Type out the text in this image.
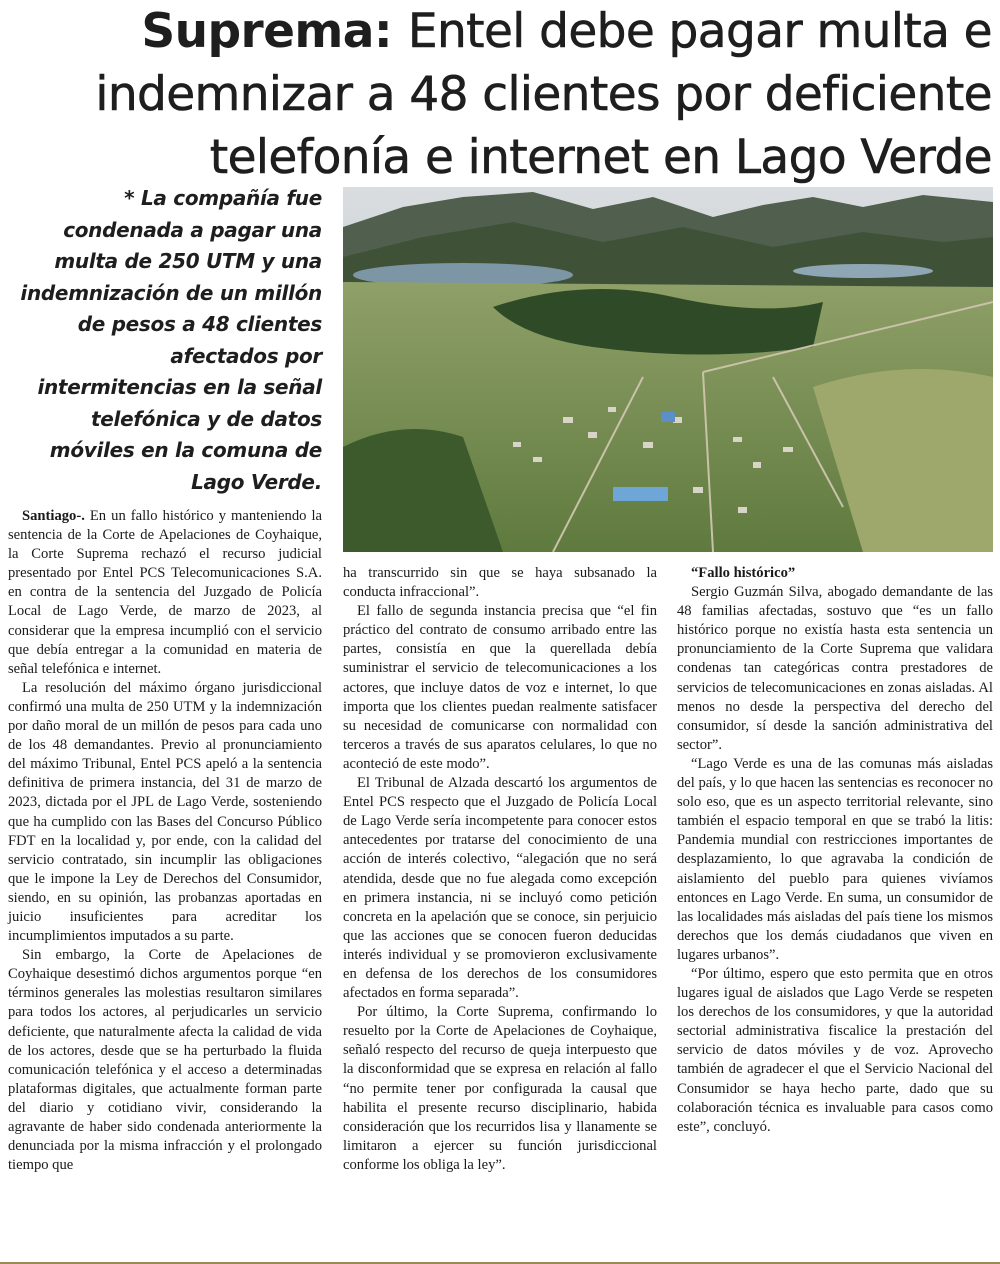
Suprema: Entel debe pagar multa e indemnizar a 48 clientes por deficiente telefonía e internet en Lago Verde
* La compañía fue condenada a pagar una multa de 250 UTM y una indemnización de un millón de pesos a 48 clientes afectados por intermitencias en la señal telefónica y de datos móviles en la comuna de Lago Verde.

Santiago-. En un fallo histórico y manteniendo la sentencia de la Corte de Apelaciones de Coyhaique, la Corte Suprema rechazó el recurso judicial presentado por Entel PCS Telecomunicaciones S.A. en contra de la sentencia del Juzgado de Policía Local de Lago Verde, de marzo de 2023, al considerar que la empresa incumplió con el servicio que debía entregar a la comunidad en materia de señal telefónica e internet.

La resolución del máximo órgano jurisdiccional confirmó una multa de 250 UTM y la indemnización por daño moral de un millón de pesos para cada uno de los 48 demandantes. Previo al pronunciamiento del máximo Tribunal, Entel PCS apeló a la sentencia definitiva de primera instancia, del 31 de marzo de 2023, dictada por el JPL de Lago Verde, sosteniendo que ha cumplido con las Bases del Concurso Público FDT en la localidad y, por ende, con la calidad del servicio contratado, sin incumplir las obligaciones que le impone la Ley de Derechos del Consumidor, siendo, en su opinión, las probanzas aportadas en juicio insuficientes para acreditar los incumplimientos imputados a su parte.

Sin embargo, la Corte de Apelaciones de Coyhaique desestimó dichos argumentos porque “en términos generales las molestias resultaron similares para todos los actores, al perjudicarles un servicio deficiente, que naturalmente afecta la calidad de vida de los actores, desde que se ha perturbado la fluida comunicación telefónica y el acceso a determinadas plataformas digitales, que actualmente forman parte del diario y cotidiano vivir, considerando la agravante de haber sido condenada anteriormente la denunciada por la misma infracción y el prolongado tiempo que

ha transcurrido sin que se haya subsanado la conducta infraccional”.

El fallo de segunda instancia precisa que “el fin práctico del contrato de consumo arribado entre las partes, consistía en que la querellada debía suministrar el servicio de telecomunicaciones a los actores, que incluye datos de voz e internet, lo que importa que los clientes puedan realmente satisfacer su necesidad de comunicarse con normalidad con terceros a través de sus aparatos celulares, lo que no aconteció de este modo”.

El Tribunal de Alzada descartó los argumentos de Entel PCS respecto que el Juzgado de Policía Local de Lago Verde sería incompetente para conocer estos antecedentes por tratarse del conocimiento de una acción de interés colectivo, “alegación que no será atendida, desde que no fue alegada como excepción en primera instancia, ni se incluyó como petición concreta en la apelación que se conoce, sin perjuicio que las acciones que se conocen fueron deducidas interés individual y se promovieron exclusivamente en defensa de los derechos de los consumidores afectados en forma separada”.

Por último, la Corte Suprema, confirmando lo resuelto por la Corte de Apelaciones de Coyhaique, señaló respecto del recurso de queja interpuesto que la disconformidad que se expresa en relación al fallo “no permite tener por configurada la causal que habilita el presente recurso disciplinario, habida consideración que los recurridos lisa y llanamente se limitaron a ejercer su función jurisdiccional conforme los obliga la ley”.

“Fallo histórico”

Sergio Guzmán Silva, abogado demandante de las 48 familias afectadas, sostuvo que “es un fallo histórico porque no existía hasta esta sentencia un pronunciamiento de la Corte Suprema que validara condenas tan categóricas contra prestadores de servicios de telecomunicaciones en zonas aisladas. Al menos no desde la perspectiva del derecho del consumidor, sí desde la sanción administrativa del sector”.

“Lago Verde es una de las comunas más aisladas del país, y lo que hacen las sentencias es reconocer no solo eso, que es un aspecto territorial relevante, sino también el espacio temporal en que se trabó la litis: Pandemia mundial con restricciones importantes de desplazamiento, lo que agravaba la condición de aislamiento del pueblo para quienes vivíamos entonces en Lago Verde. En suma, un consumidor de las localidades más aisladas del país tiene los mismos derechos que los demás ciudadanos que viven en lugares urbanos”.

“Por último, espero que esto permita que en otros lugares igual de aislados que Lago Verde se respeten los derechos de los consumidores, y que la autoridad sectorial administrativa fiscalice la prestación del servicio de datos móviles y de voz. Aprovecho también de agradecer el que el Servicio Nacional del Consumidor se haya hecho parte, dado que su colaboración técnica es invaluable para casos como este”, concluyó.
